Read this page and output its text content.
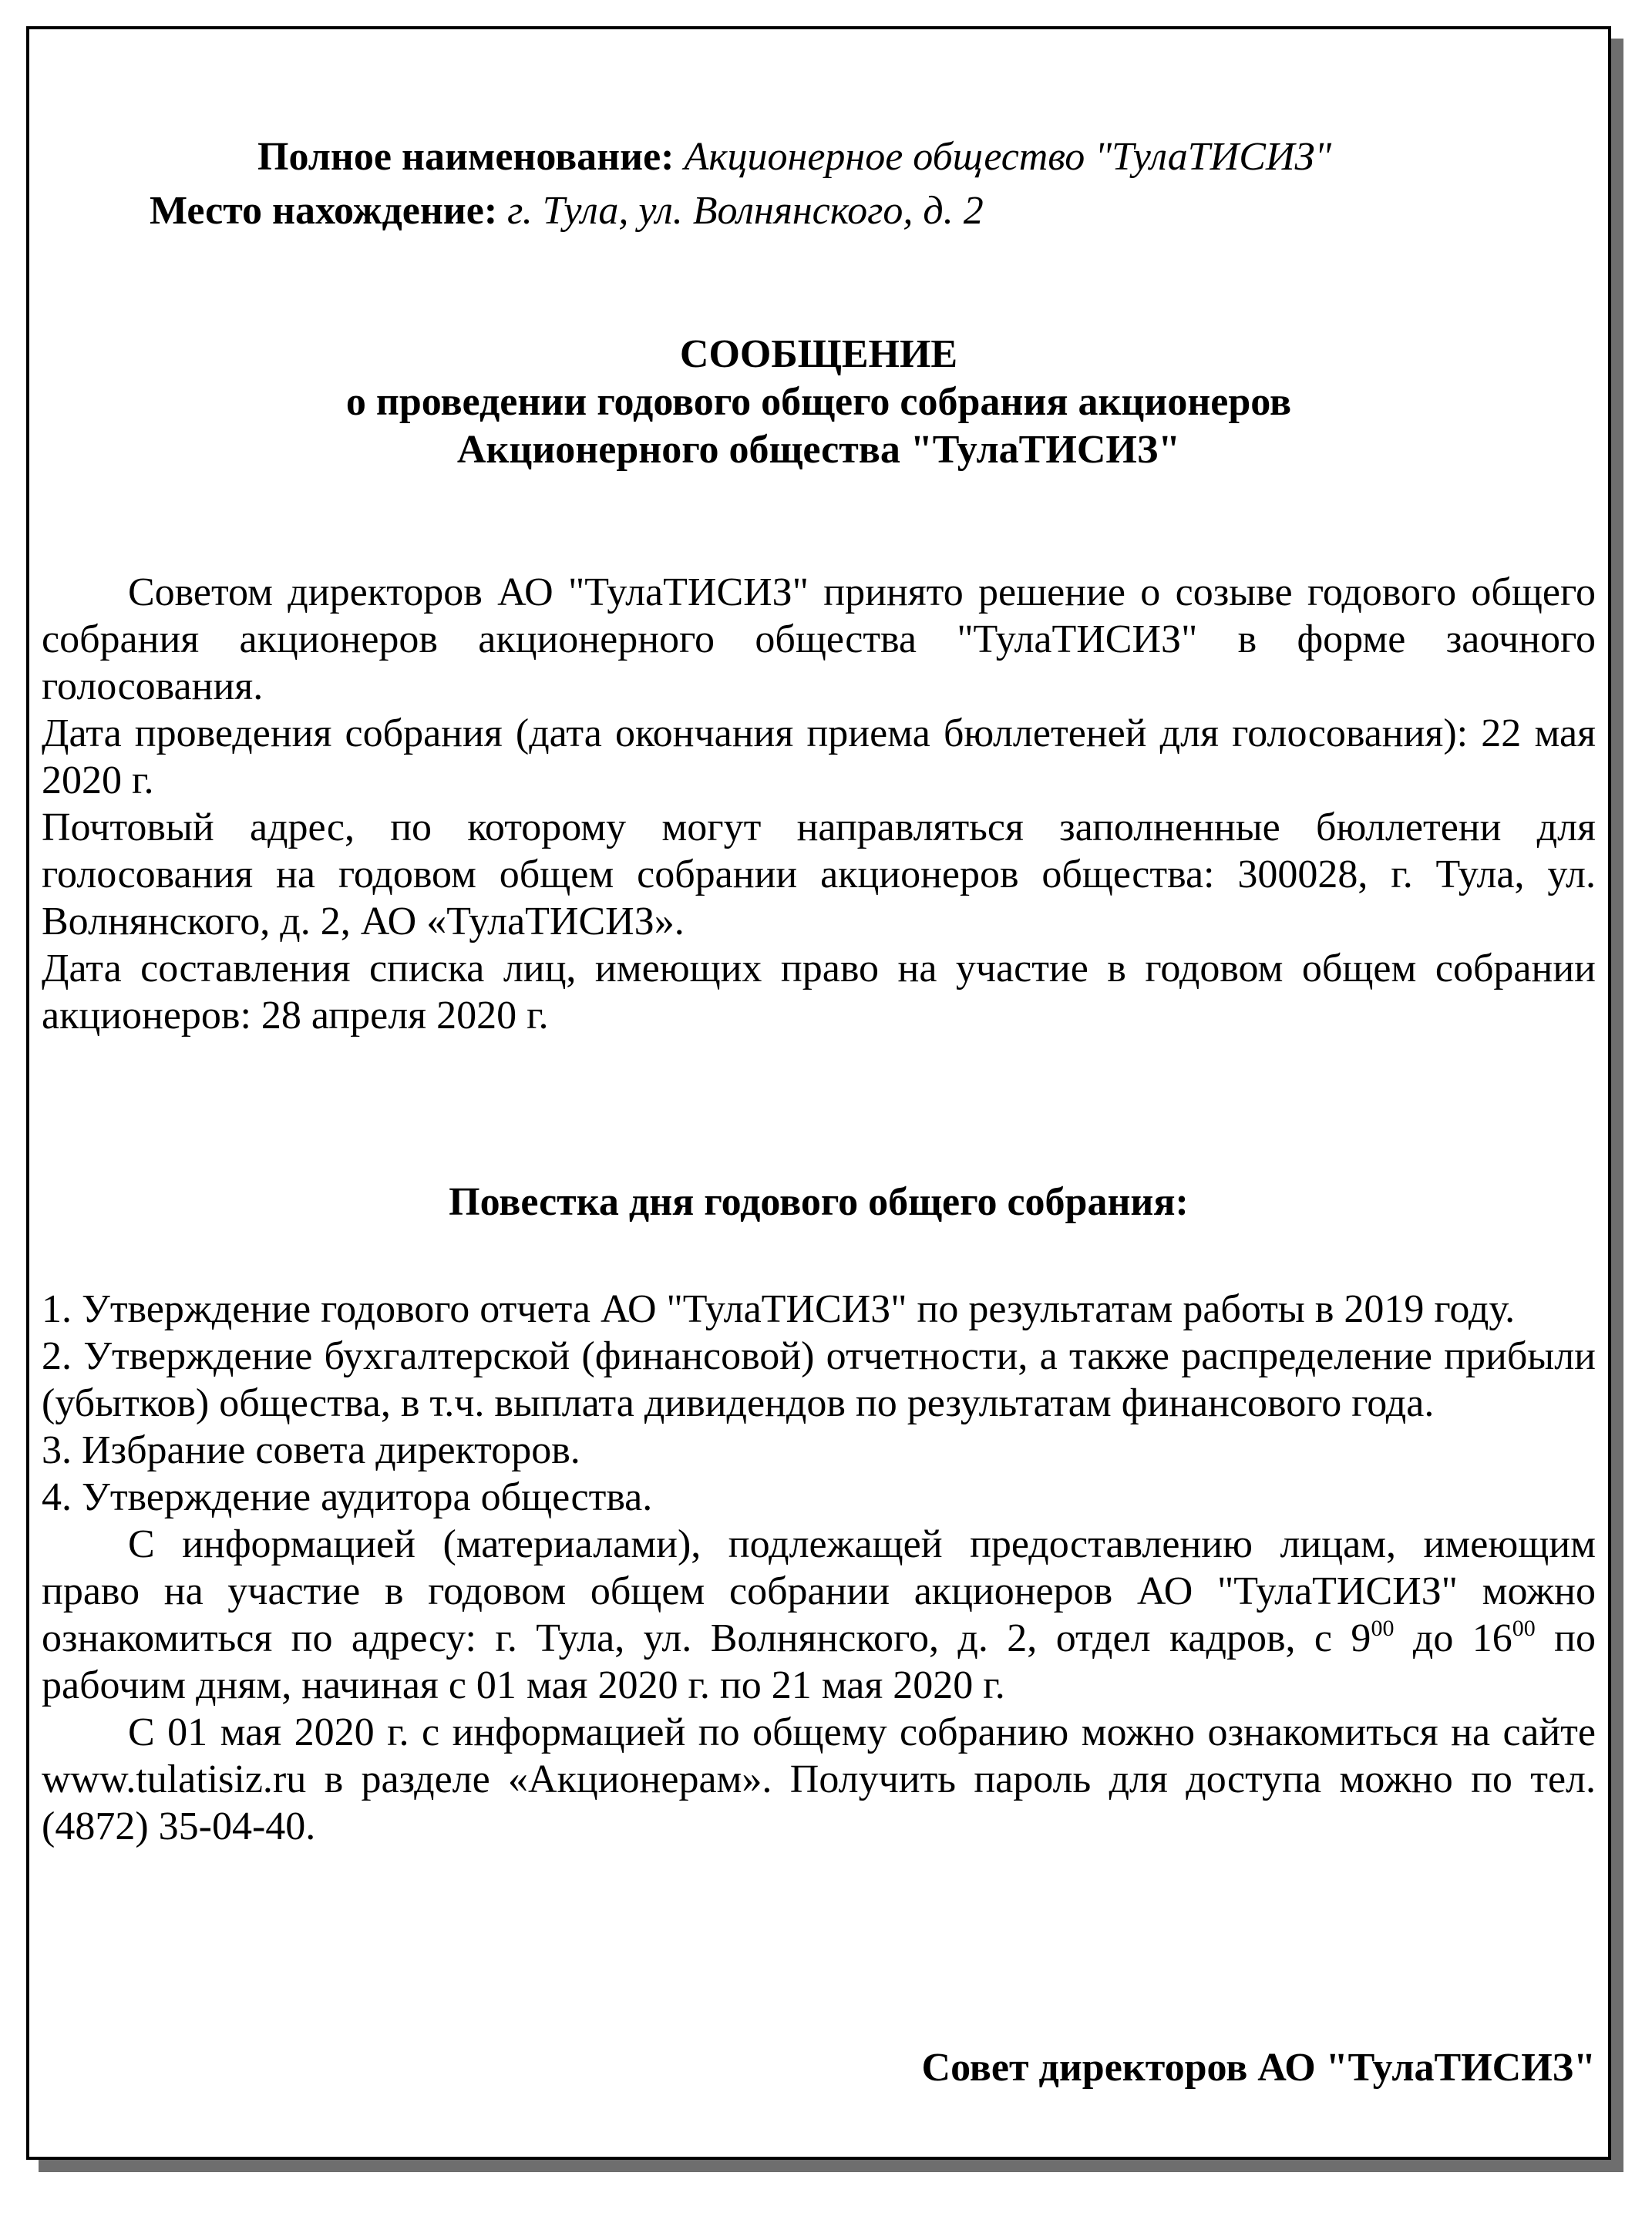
Полное наименование: Акционерное общество "ТулаТИСИЗ"
Место нахождение: г. Тула, ул. Волнянского, д. 2
СООБЩЕНИЕ
о проведении годового общего собрания акционеров
Акционерного общества "ТулаТИСИЗ"

Советом директоров АО "ТулаТИСИЗ" принято решение о созыве годового общего собрания акционеров акционерного общества "ТулаТИСИЗ" в форме заочного голосования.

Дата проведения собрания (дата окончания приема бюллетеней для голосования): 22 мая 2020 г.

Почтовый адрес, по которому могут направляться заполненные бюллетени для голосования на годовом общем собрании акционеров общества: 300028, г. Тула, ул. Волнянского, д. 2, АО «ТулаТИСИЗ».

Дата составления списка лиц, имеющих право на участие в годовом общем собрании акционеров: 28 апреля 2020 г.

Повестка дня годового общего собрания:

1. Утверждение годового отчета АО "ТулаТИСИЗ" по результатам работы в 2019 году.

2. Утверждение бухгалтерской (финансовой) отчетности, а также распределение прибыли (убытков) общества, в т.ч. выплата дивидендов по результатам финансового года.

3. Избрание совета директоров.

4. Утверждение аудитора общества.

С информацией (материалами), подлежащей предоставлению лицам, имеющим право на участие в годовом общем собрании акционеров АО "ТулаТИСИЗ" можно ознакомиться по адресу: г. Тула, ул. Волнянского, д. 2, отдел кадров, с $9^{00}$ до $16^{00}$ по рабочим дням, начиная с 01 мая 2020 г. по 21 мая 2020 г.

С 01 мая 2020 г. с информацией по общему собранию можно ознакомиться на сайте www.tulatisiz.ru в разделе «Акционерам». Получить пароль для доступа можно по тел. (4872) 35-04-40.

Совет директоров АО "ТулаТИСИЗ"
